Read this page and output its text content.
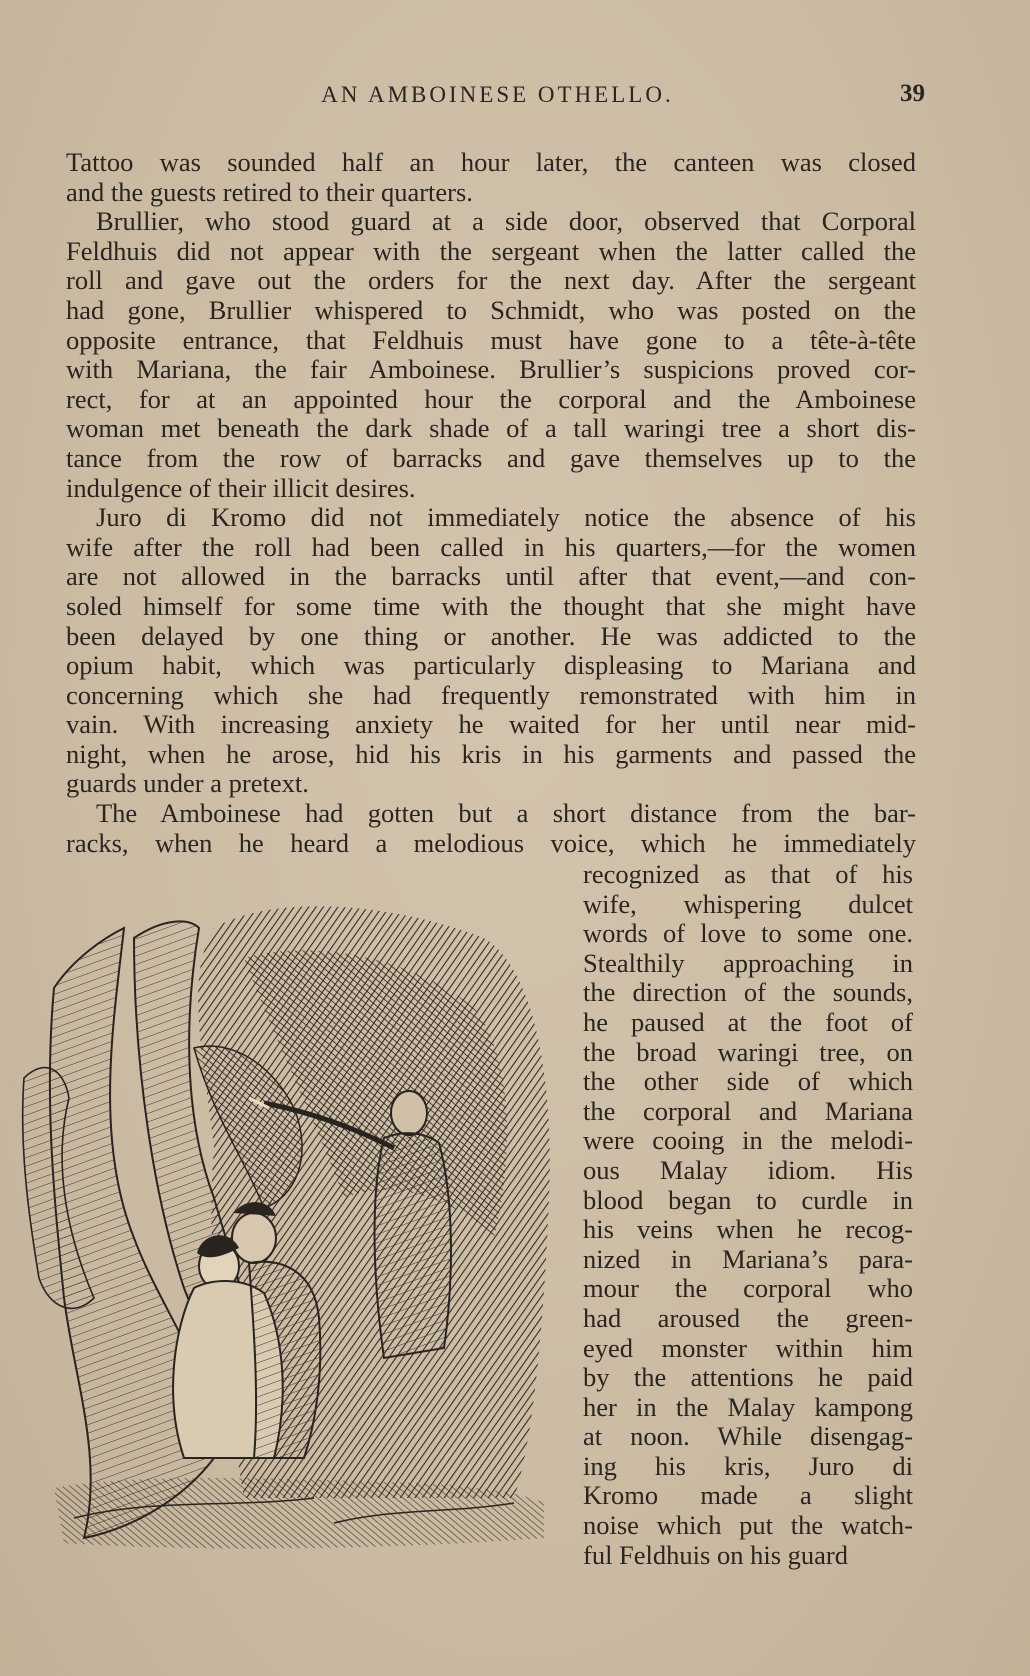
AN AMBOINESE OTHELLO.	39
Tattoo was sounded half an hour later, the canteen was closed
and the guests retired to their quarters.
Brullier, who stood guard at a side door, observed that Corporal
Feldhuis did not appear with the sergeant when the latter called the
roll and gave out the orders for the next day. After the sergeant
had gone, Brullier whispered to Schmidt, who was posted on the
opposite entrance, that Feldhuis must have gone to a tête-à-tête
with Mariana, the fair Amboinese. Brullier’s suspicions proved cor-
rect, for at an appointed hour the corporal and the Amboinese
woman met beneath the dark shade of a tall waringi tree a short dis-
tance from the row of barracks and gave themselves up to the
indulgence of their illicit desires.
Juro di Kromo did not immediately notice the absence of his
wife after the roll had been called in his quarters,—for the women
are not allowed in the barracks until after that event,—and con-
soled himself for some time with the thought that she might have
been delayed by one thing or another. He was addicted to the
opium habit, which was particularly displeasing to Mariana and
concerning which she had frequently remonstrated with him in
vain. With increasing anxiety he waited for her until near mid-
night, when he arose, hid his kris in his garments and passed the
guards under a pretext.
The Amboinese had gotten but a short distance from the bar-
racks, when he heard a melodious voice, which he immediately
recognized as that of his
wife, whispering dulcet
words of love to some one.
Stealthily approaching in
the direction of the sounds,
he paused at the foot of
the broad waringi tree, on
the other side of which
the corporal and Mariana
were cooing in the melodi-
ous Malay idiom. His
blood began to curdle in
his veins when he recog-
nized in Mariana’s para-
mour the corporal who
had aroused the green-
eyed monster within him
by the attentions he paid
her in the Malay kampong
at noon. While disengag-
ing his kris, Juro di
Kromo made a slight
noise which put the watch-
ful Feldhuis on his guard
